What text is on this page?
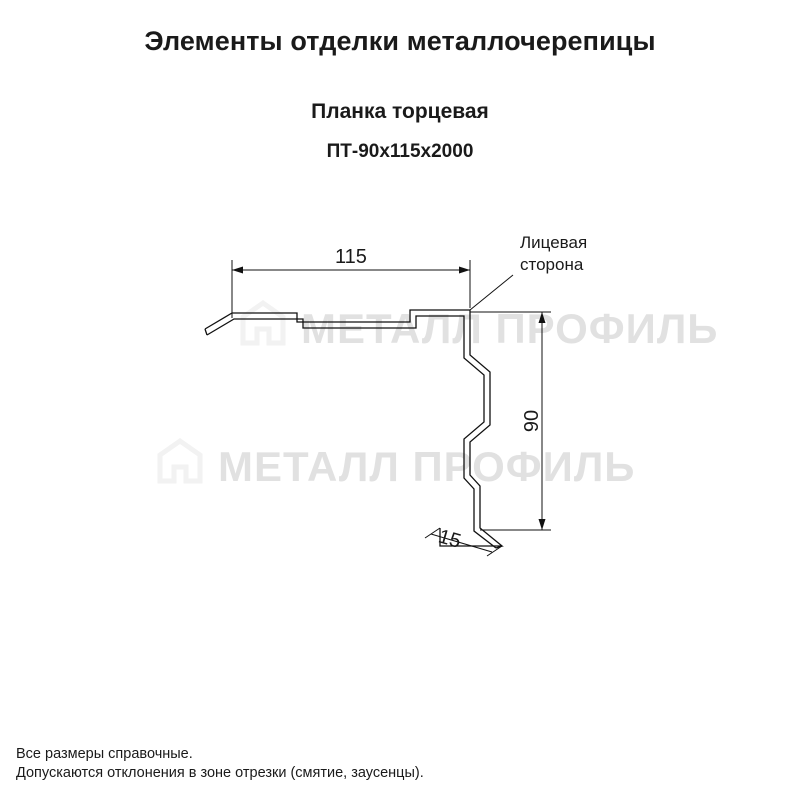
Элементы отделки металлочерепицы
Планка торцевая
ПТ-90х115х2000
МЕТАЛЛ ПРОФИЛЬ
МЕТАЛЛ ПРОФИЛЬ
115
90
15
Лицевая
сторона
Все размеры справочные.
Допускаются отклонения в зоне отрезки (смятие, заусенцы).
